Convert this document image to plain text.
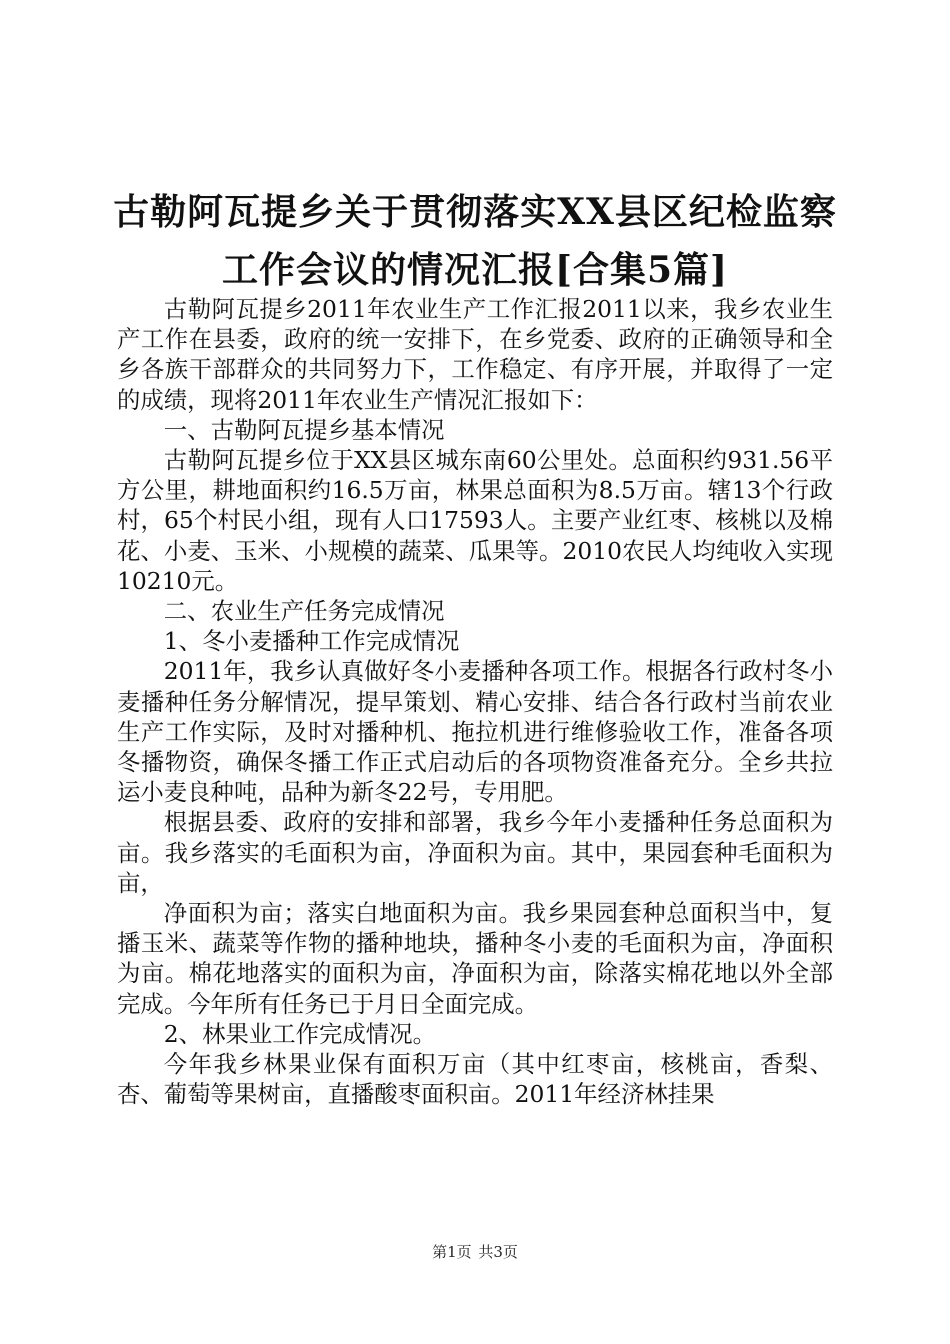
古勒阿瓦提乡关于贯彻落实XX县区纪检监察
工作会议的情况汇报[合集5篇]

古勒阿瓦提乡2011年农业生产工作汇报2011以来，我乡农业生产工作在县委，政府的统一安排下，在乡党委、政府的正确领导和全乡各族干部群众的共同努力下，工作稳定、有序开展，并取得了一定的成绩，现将2011年农业生产情况汇报如下：

一、古勒阿瓦提乡基本情况

古勒阿瓦提乡位于XX县区城东南60公里处。总面积约931.56平方公里，耕地面积约16.5万亩，林果总面积为8.5万亩。辖13个行政村，65个村民小组，现有人口17593人。主要产业红枣、核桃以及棉花、小麦、玉米、小规模的蔬菜、瓜果等。2010农民人均纯收入实现10210元。

二、农业生产任务完成情况

1、冬小麦播种工作完成情况

2011年，我乡认真做好冬小麦播种各项工作。根据各行政村冬小麦播种任务分解情况，提早策划、精心安排、结合各行政村当前农业生产工作实际，及时对播种机、拖拉机进行维修验收工作，准备各项冬播物资，确保冬播工作正式启动后的各项物资准备充分。全乡共拉运小麦良种吨，品种为新冬22号，专用肥。

根据县委、政府的安排和部署，我乡今年小麦播种任务总面积为亩。我乡落实的毛面积为亩，净面积为亩。其中，果园套种毛面积为亩，

净面积为亩；落实白地面积为亩。我乡果园套种总面积当中，复播玉米、蔬菜等作物的播种地块，播种冬小麦的毛面积为亩，净面积为亩。棉花地落实的面积为亩，净面积为亩，除落实棉花地以外全部完成。今年所有任务已于月日全面完成。

2、林果业工作完成情况。

今年我乡林果业保有面积万亩（其中红枣亩，核桃亩，香梨、杏、葡萄等果树亩，直播酸枣面积亩。2011年经济林挂果

第1页 共3页
